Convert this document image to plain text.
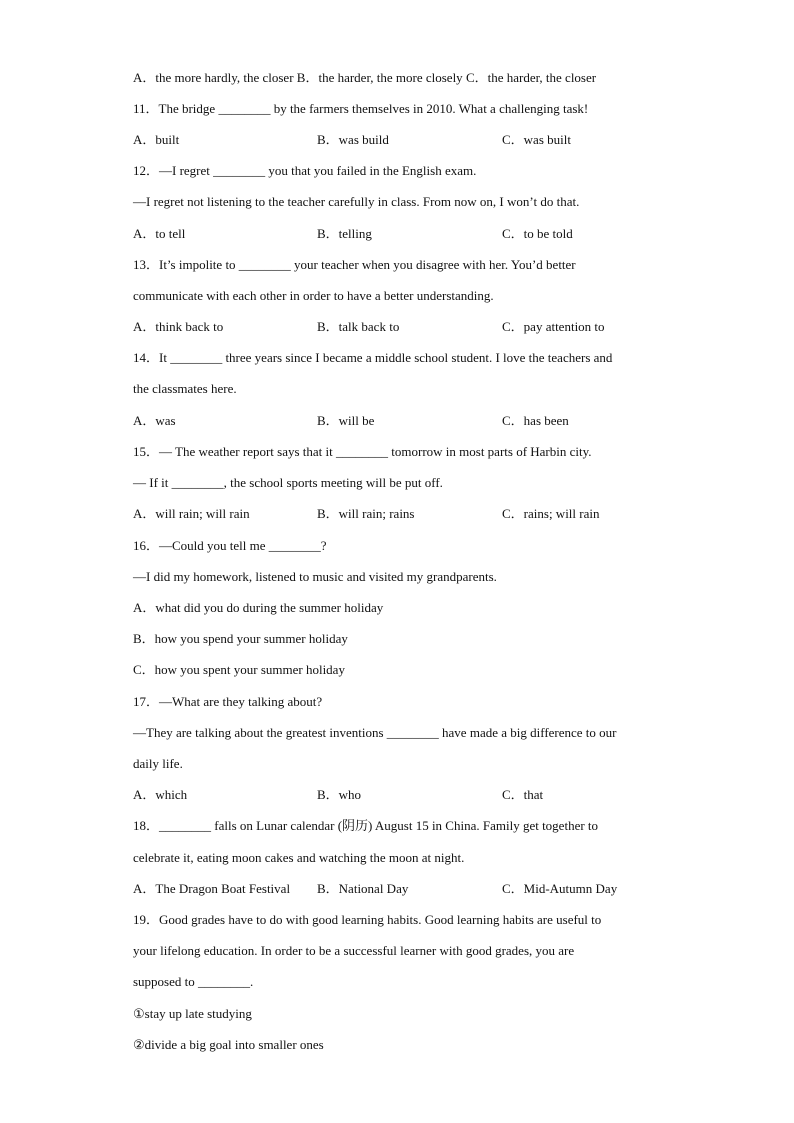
A．the more hardly, the closer B．the harder, the more closely C．the harder, the closer
11．The bridge ________ by the farmers themselves in 2010. What a challenging task!
A．built	B．was build	C．was built
12．—I regret ________ you that you failed in the English exam.
—I regret not listening to the teacher carefully in class. From now on, I won’t do that.
A．to tell	B．telling	C．to be told
13．It’s impolite to ________ your teacher when you disagree with her. You’d better
communicate with each other in order to have a better understanding.
A．think back to	B．talk back to	C．pay attention to
14．It ________ three years since I became a middle school student. I love the teachers and
the classmates here.
A．was	B．will be	C．has been
15．— The weather report says that it ________ tomorrow in most parts of Harbin city.
— If it ________, the school sports meeting will be put off.
A．will rain; will rain	B．will rain; rains	C．rains; will rain
16．—Could you tell me ________?
—I did my homework, listened to music and visited my grandparents.
A．what did you do during the summer holiday
B．how you spend your summer holiday
C．how you spent your summer holiday
17．—What are they talking about?
—They are talking about the greatest inventions ________ have made a big difference to our
daily life.
A．which	B．who	C．that
18．________ falls on Lunar calendar (阴历) August 15 in China. Family get together to
celebrate it, eating moon cakes and watching the moon at night.
A．The Dragon Boat Festival B．National Day	C．Mid-Autumn Day
19．Good grades have to do with good learning habits. Good learning habits are useful to
your lifelong education. In order to be a successful learner with good grades, you are
supposed to ________.
①stay up late studying
②divide a big goal into smaller ones
